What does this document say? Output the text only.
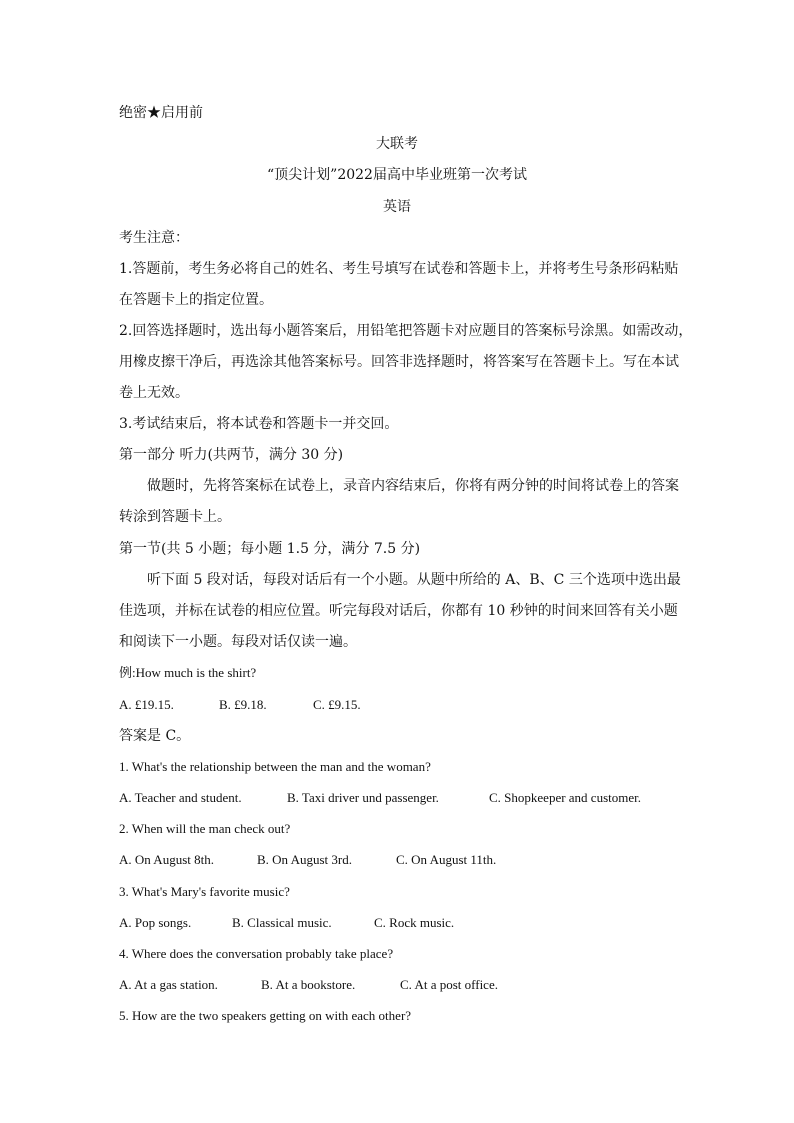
绝密★启用前
大联考
“顶尖计划”2022届高中毕业班第一次考试
英语
考生注意：
1.答题前，考生务必将自己的姓名、考生号填写在试卷和答题卡上，并将考生号条形码粘贴
在答题卡上的指定位置。
2.回答选择题时，选出每小题答案后，用铅笔把答题卡对应题目的答案标号涂黑。如需改动，
用橡皮擦干净后，再选涂其他答案标号。回答非选择题时，将答案写在答题卡上。写在本试
卷上无效。
3.考试结束后，将本试卷和答题卡一并交回。
第一部分 听力(共两节，满分 30 分)
做题时，先将答案标在试卷上，录音内容结束后，你将有两分钟的时间将试卷上的答案
转涂到答题卡上。
第一节(共 5 小题；每小题 1.5 分，满分 7.5 分)
听下面 5 段对话，每段对话后有一个小题。从题中所给的 A、B、C 三个选项中选出最
佳选项，并标在试卷的相应位置。听完每段对话后，你都有 10 秒钟的时间来回答有关小题
和阅读下一小题。每段对话仅读一遍。
例:How much is the shirt?
A. £19.15.	B. £9.18.	C. £9.15.
答案是 C。
1. What's the relationship between the man and the woman?
A. Teacher and student.	B. Taxi driver und passenger.	C. Shopkeeper and customer.
2. When will the man check out?
A. On August 8th.	B. On August 3rd.	C. On August 11th.
3. What's Mary's favorite music?
A. Pop songs.	B. Classical music.	C. Rock music.
4. Where does the conversation probably take place?
A. At a gas station.	B. At a bookstore.	C. At a post office.
5. How are the two speakers getting on with each other?
